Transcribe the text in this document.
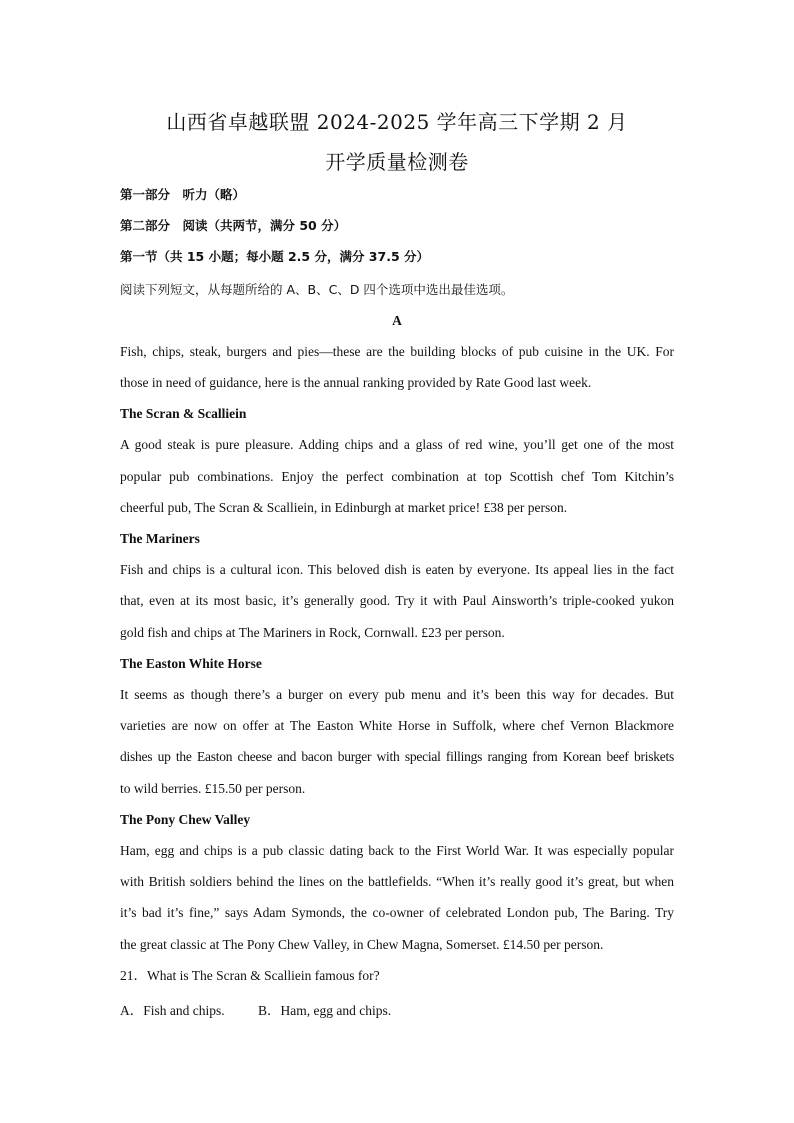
山西省卓越联盟 2024-2025 学年高三下学期 2 月
开学质量检测卷
第一部分　听力（略）
第二部分　阅读（共两节，满分 50 分）
第一节（共 15 小题；每小题 2.5 分，满分 37.5 分）
阅读下列短文，从每题所给的 A、B、C、D 四个选项中选出最佳选项。
A
Fish, chips, steak, burgers and pies—these are the building blocks of pub cuisine in the UK. For
those in need of guidance, here is the annual ranking provided by Rate Good last week.
The Scran & Scalliein
A good steak is pure pleasure. Adding chips and a glass of red wine, you’ll get one of the most
popular pub combinations. Enjoy the perfect combination at top Scottish chef Tom Kitchin’s
cheerful pub, The Scran & Scalliein, in Edinburgh at market price! £38 per person.
The Mariners
Fish and chips is a cultural icon. This beloved dish is eaten by everyone. Its appeal lies in the fact
that, even at its most basic, it’s generally good. Try it with Paul Ainsworth’s triple-cooked yukon
gold fish and chips at The Mariners in Rock, Cornwall. £23 per person.
The Easton White Horse
It seems as though there’s a burger on every pub menu and it’s been this way for decades. But
varieties are now on offer at The Easton White Horse in Suffolk, where chef Vernon Blackmore
dishes up the Easton cheese and bacon burger with special fillings ranging from Korean beef briskets
to wild berries. £15.50 per person.
The Pony Chew Valley
Ham, egg and chips is a pub classic dating back to the First World War. It was especially popular
with British soldiers behind the lines on the battlefields. “When it’s really good it’s great, but when
it’s bad it’s fine,” says Adam Symonds, the co-owner of celebrated London pub, The Baring. Try
the great classic at The Pony Chew Valley, in Chew Magna, Somerset. £14.50 per person.
21．What is The Scran & Scalliein famous for?
A．Fish and chips. B．Ham, egg and chips.
